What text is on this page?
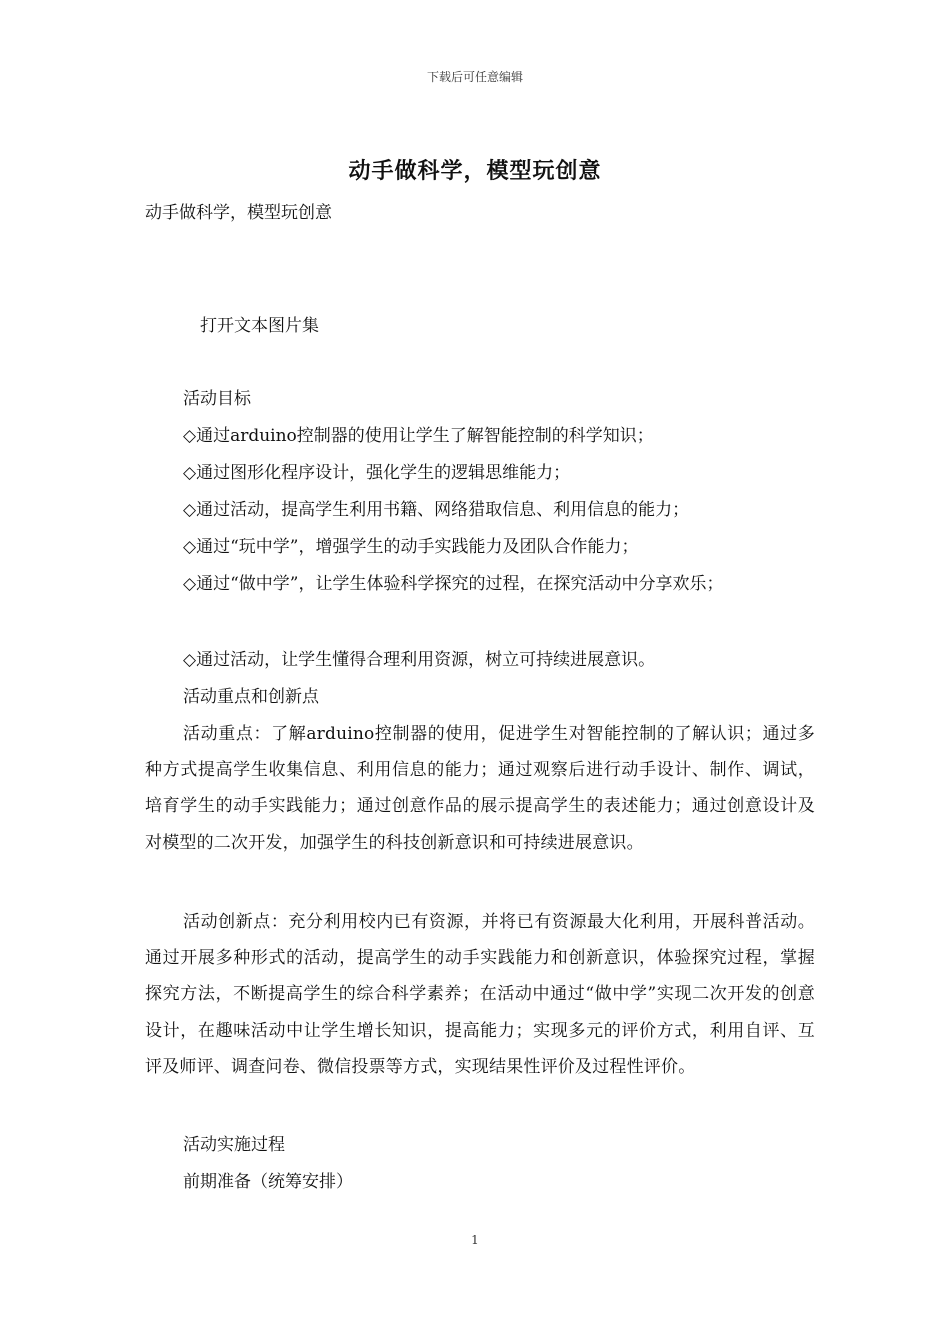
下载后可任意编辑
动手做科学，模型玩创意
动手做科学，模型玩创意
打开文本图片集
活动目标
◇通过arduino控制器的使用让学生了解智能控制的科学知识；
◇通过图形化程序设计，强化学生的逻辑思维能力；
◇通过活动，提高学生利用书籍、网络猎取信息、利用信息的能力；
◇通过“玩中学”，增强学生的动手实践能力及团队合作能力；
◇通过“做中学”，让学生体验科学探究的过程，在探究活动中分享欢乐；
◇通过活动，让学生懂得合理利用资源，树立可持续进展意识。
活动重点和创新点
活动重点：了解arduino控制器的使用，促进学生对智能控制的了解认识；通过多种方式提高学生收集信息、利用信息的能力；通过观察后进行动手设计、制作、调试，培育学生的动手实践能力；通过创意作品的展示提高学生的表述能力；通过创意设计及对模型的二次开发，加强学生的科技创新意识和可持续进展意识。
活动创新点：充分利用校内已有资源，并将已有资源最大化利用，开展科普活动。通过开展多种形式的活动，提高学生的动手实践能力和创新意识，体验探究过程，掌握探究方法，不断提高学生的综合科学素养；在活动中通过“做中学”实现二次开发的创意设计，在趣味活动中让学生增长知识，提高能力；实现多元的评价方式，利用自评、互评及师评、调查问卷、微信投票等方式，实现结果性评价及过程性评价。
活动实施过程
前期准备（统筹安排）
1
